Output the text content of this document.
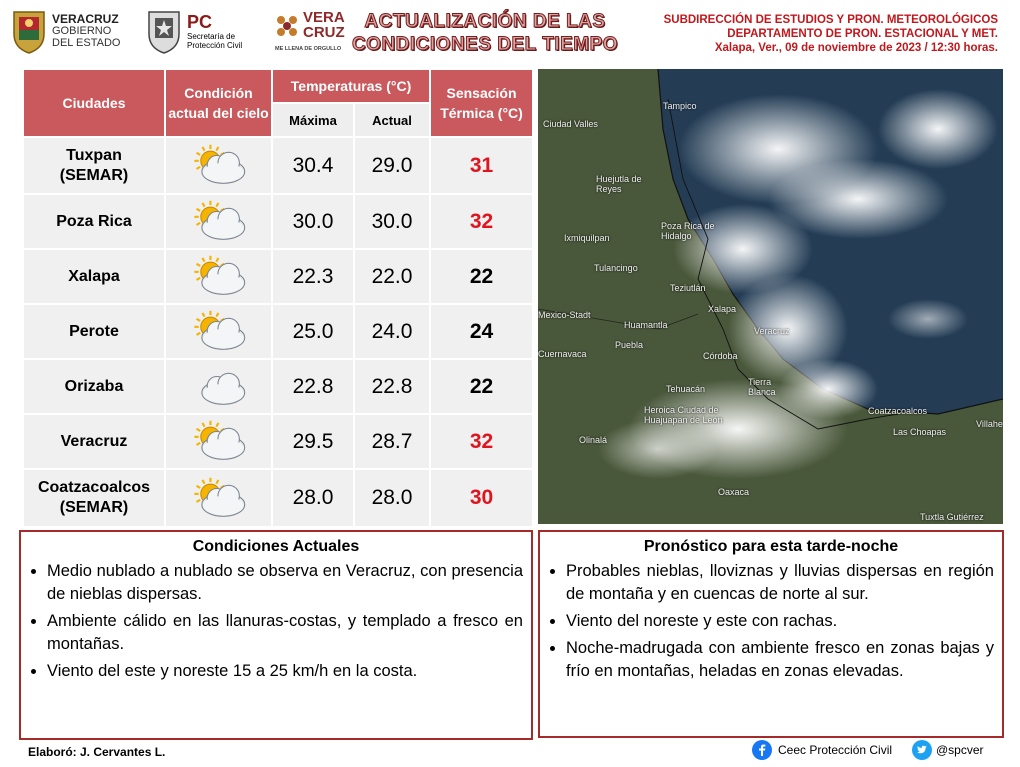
VERACRUZ
GOBIERNO
DEL ESTADO
PC
Secretaría de
Protección Civil
VERA
CRUZ
ME LLENA DE ORGULLO
ACTUALIZACIÓN DE LAS
CONDICIONES DEL TIEMPO
SUBDIRECCIÓN DE ESTUDIOS Y PRON. METEOROLÓGICOS
DEPARTAMENTO DE PRON. ESTACIONAL Y MET.
Xalapa, Ver., 09 de noviembre de 2023 / 12:30 horas.
Ciudades	Condición actual del cielo	Temperaturas (°C)		Sensación Térmica (°C)
		Máxima	Actual	
Tuxpan (SEMAR)		30.4	29.0	31
Poza Rica		30.0	30.0	32
Xalapa		22.3	22.0	22
Perote		25.0	24.0	24
Orizaba		22.8	22.8	22
Veracruz		29.5	28.7	32
Coatzacoalcos (SEMAR)		28.0	28.0	30
Tampico
Ciudad Valles
Huejutla de Reyes
Poza Rica de Hidalgo
Ixmiquilpan
Tulancingo
Teziutlán
Xalapa
Mexico-Stadt
Huamantla
Puebla
Veracruz
Córdoba
Cuernavaca
Tehuacán
Tierra Blanca
Heroica Ciudad de Huajuapan de León
Coatzacoalcos
Las Choapas
Villahe
Oaxaca
Olinalá
Tuxtla Gutiérrez
Condiciones Actuales
• Medio nublado a nublado se observa en Veracruz, con presencia de nieblas dispersas.
• Ambiente cálido en las llanuras-costas, y templado a fresco en montañas.
• Viento del este y noreste 15 a 25 km/h en la costa.
Pronóstico para esta tarde-noche
• Probables nieblas, lloviznas y lluvias dispersas en región de montaña y en cuencas de norte al sur.
• Viento del noreste y este con rachas.
• Noche-madrugada con ambiente fresco en zonas bajas y frío en montañas, heladas en zonas elevadas.
Elaboró: J. Cervantes L.	Ceec Protección Civil	@spcver
